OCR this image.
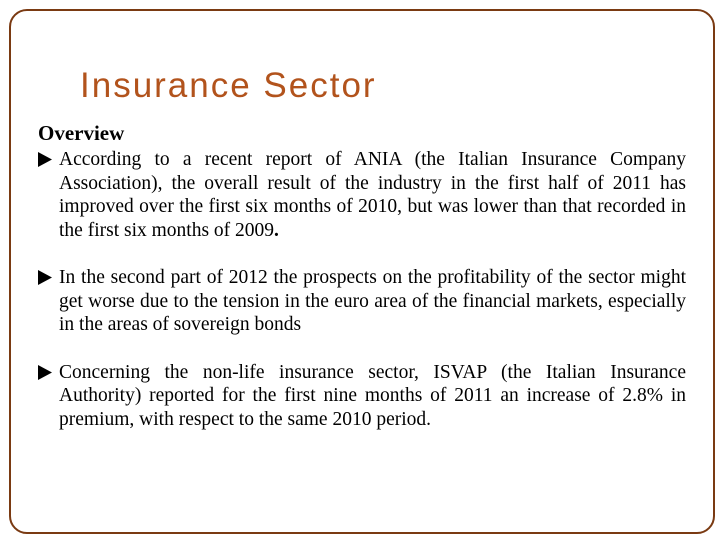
Insurance Sector
Overview

According to a recent report of ANIA (the Italian Insurance Company Association), the overall result of the industry in the first half of 2011 has improved over the first six months of 2010, but was lower than that recorded in the first six months of 2009.

In the second part of 2012 the prospects on the profitability of the sector might get worse due to the tension in the euro area of the financial markets, especially in the areas of sovereign bonds

Concerning the non-life insurance sector, ISVAP (the Italian Insurance Authority) reported for the first nine months of 2011 an increase of 2.8% in premium, with respect to the same 2010 period.
